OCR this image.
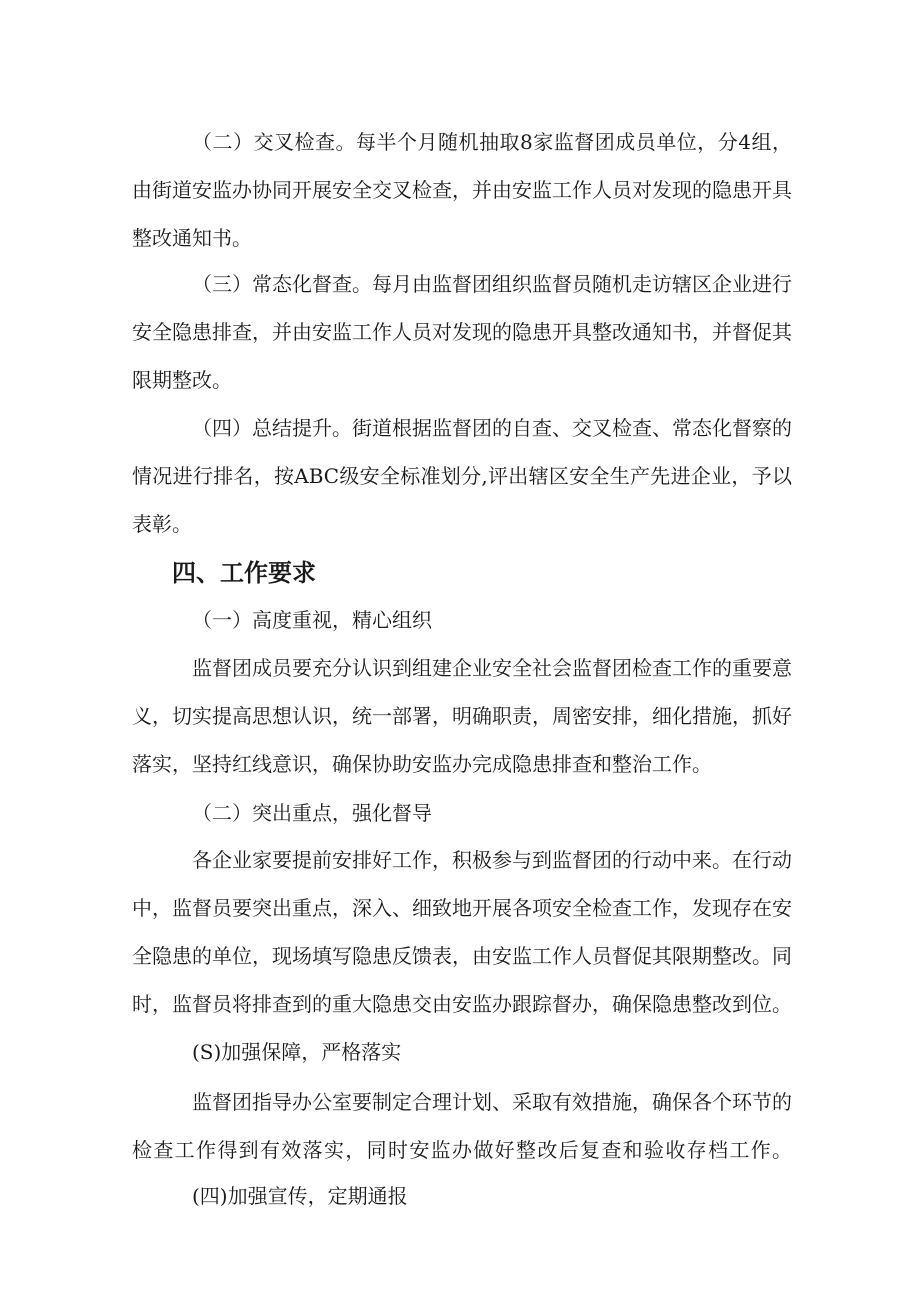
（二）交叉检查。每半个月随机抽取8家监督团成员单位，分4组，
由街道安监办协同开展安全交叉检查，并由安监工作人员对发现的隐患开具
整改通知书。
（三）常态化督查。每月由监督团组织监督员随机走访辖区企业进行
安全隐患排查，并由安监工作人员对发现的隐患开具整改通知书，并督促其
限期整改。
（四）总结提升。街道根据监督团的自查、交叉检查、常态化督察的
情况进行排名，按ABC级安全标准划分,评出辖区安全生产先进企业，予以
表彰。
四、工作要求
（一）高度重视，精心组织
监督团成员要充分认识到组建企业安全社会监督团检查工作的重要意
义，切实提高思想认识，统一部署，明确职责，周密安排，细化措施，抓好
落实，坚持红线意识，确保协助安监办完成隐患排查和整治工作。
（二）突出重点，强化督导
各企业家要提前安排好工作，积极参与到监督团的行动中来。在行动
中，监督员要突出重点，深入、细致地开展各项安全检查工作，发现存在安
全隐患的单位，现场填写隐患反馈表，由安监工作人员督促其限期整改。同
时，监督员将排查到的重大隐患交由安监办跟踪督办，确保隐患整改到位。
(S)加强保障，严格落实
监督团指导办公室要制定合理计划、采取有效措施，确保各个环节的
检查工作得到有效落实，同时安监办做好整改后复查和验收存档工作。
(四)加强宣传，定期通报
